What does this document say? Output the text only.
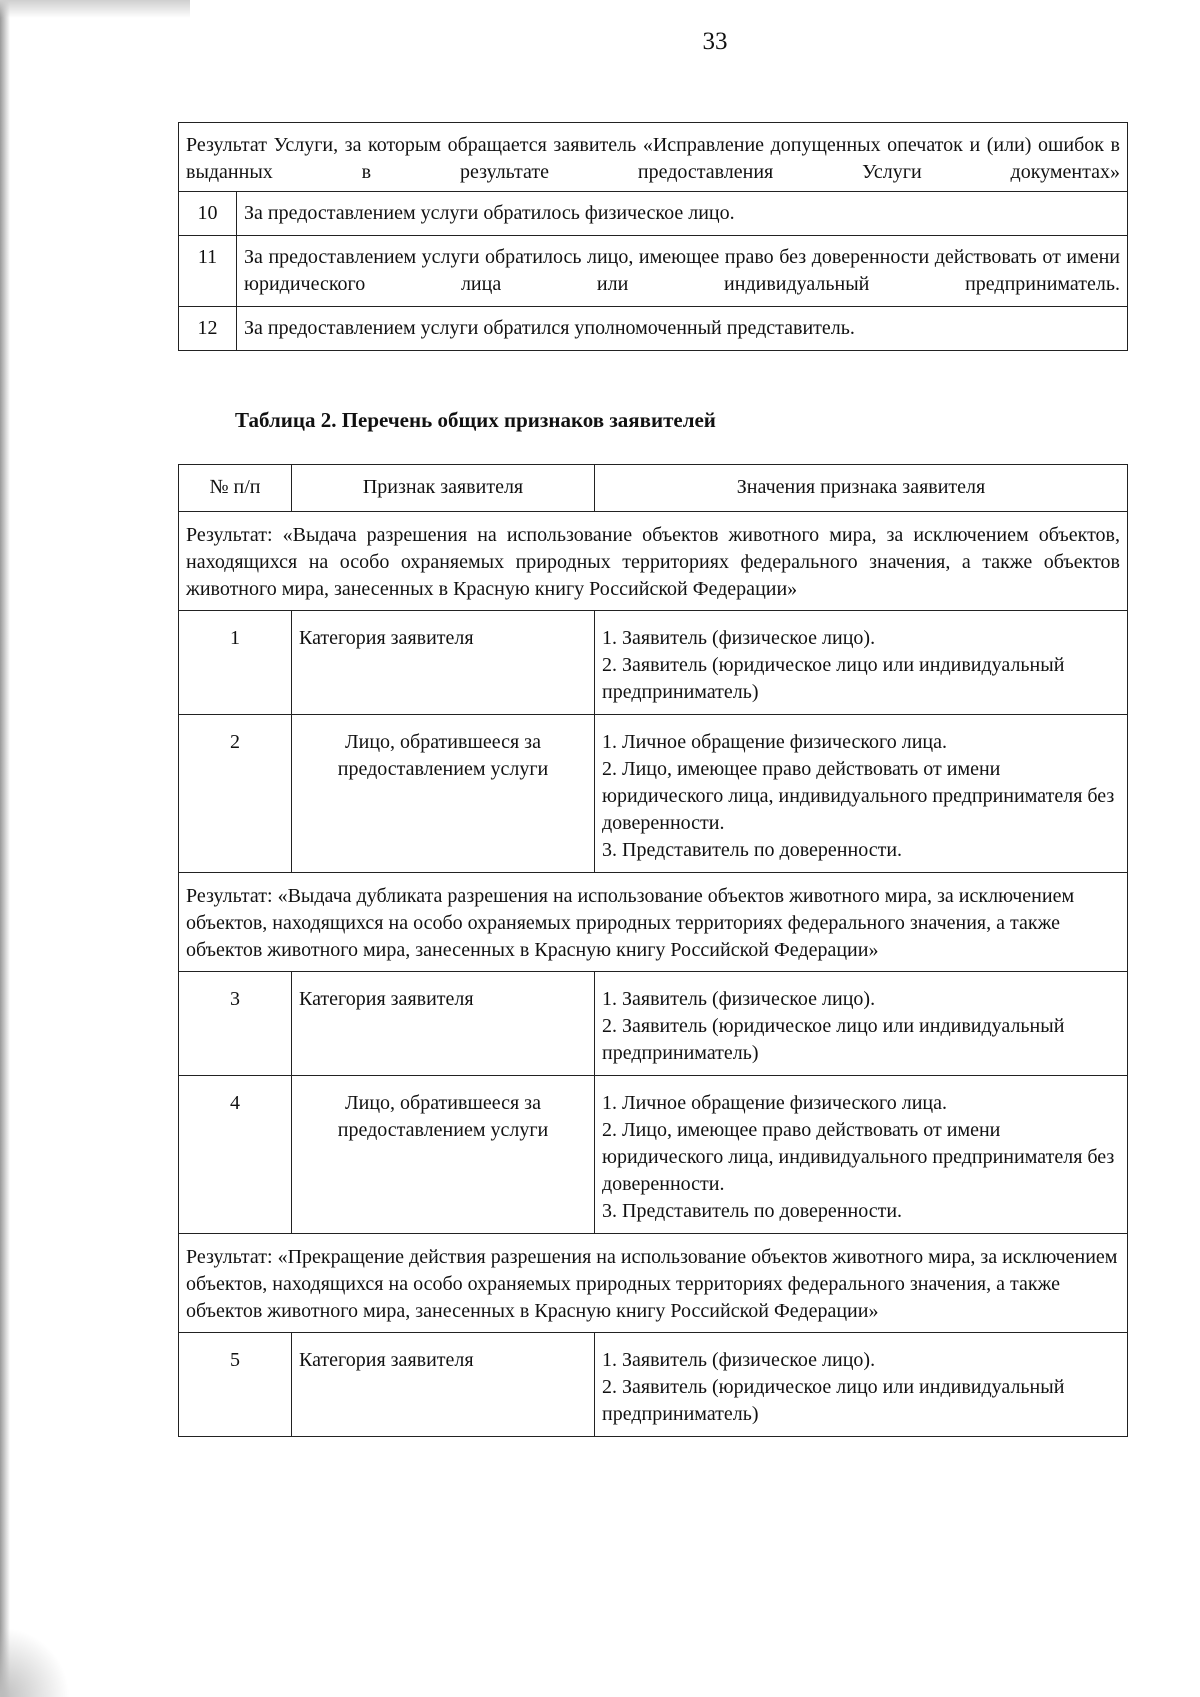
33
Результат Услуги, за которым обращается заявитель «Исправление допущенных опечаток и (или) ошибок в выданных в результате предоставления Услуги документах»	
10	За предоставлением услуги обратилось физическое лицо.
11	За предоставлением услуги обратилось лицо, имеющее право без доверенности действовать от имени юридического лица или индивидуальный предприниматель.
12	За предоставлением услуги обратился уполномоченный представитель.
Таблица 2. Перечень общих признаков заявителей
№ п/п	Признак заявителя	Значения признака заявителя
Результат: «Выдача разрешения на использование объектов животного мира, за исключением объектов, находящихся на особо охраняемых природных территориях федерального значения, а также объектов животного мира, занесенных в Красную книгу Российской Федерации»		
1	Категория заявителя	1. Заявитель (физическое лицо).
2. Заявитель (юридическое лицо или индивидуальный предприниматель)

2	Лицо, обратившееся за предоставлением услуги	1. Личное обращение физического лица.
2. Лицо, имеющее право действовать от имени юридического лица, индивидуального предпринимателя без доверенности.
3. Представитель по доверенности.

Результат: «Выдача дубликата разрешения на использование объектов животного мира, за исключением объектов, находящихся на особо охраняемых природных территориях федерального значения, а также объектов животного мира, занесенных в Красную книгу Российской Федерации»		
3	Категория заявителя	1. Заявитель (физическое лицо).
2. Заявитель (юридическое лицо или индивидуальный предприниматель)

4	Лицо, обратившееся за предоставлением услуги	1. Личное обращение физического лица.
2. Лицо, имеющее право действовать от имени юридического лица, индивидуального предпринимателя без доверенности.
3. Представитель по доверенности.

Результат: «Прекращение действия разрешения на использование объектов животного мира, за исключением объектов, находящихся на особо охраняемых природных территориях федерального значения, а также объектов животного мира, занесенных в Красную книгу Российской Федерации»		
5	Категория заявителя	1. Заявитель (физическое лицо).
2. Заявитель (юридическое лицо или индивидуальный предприниматель)
